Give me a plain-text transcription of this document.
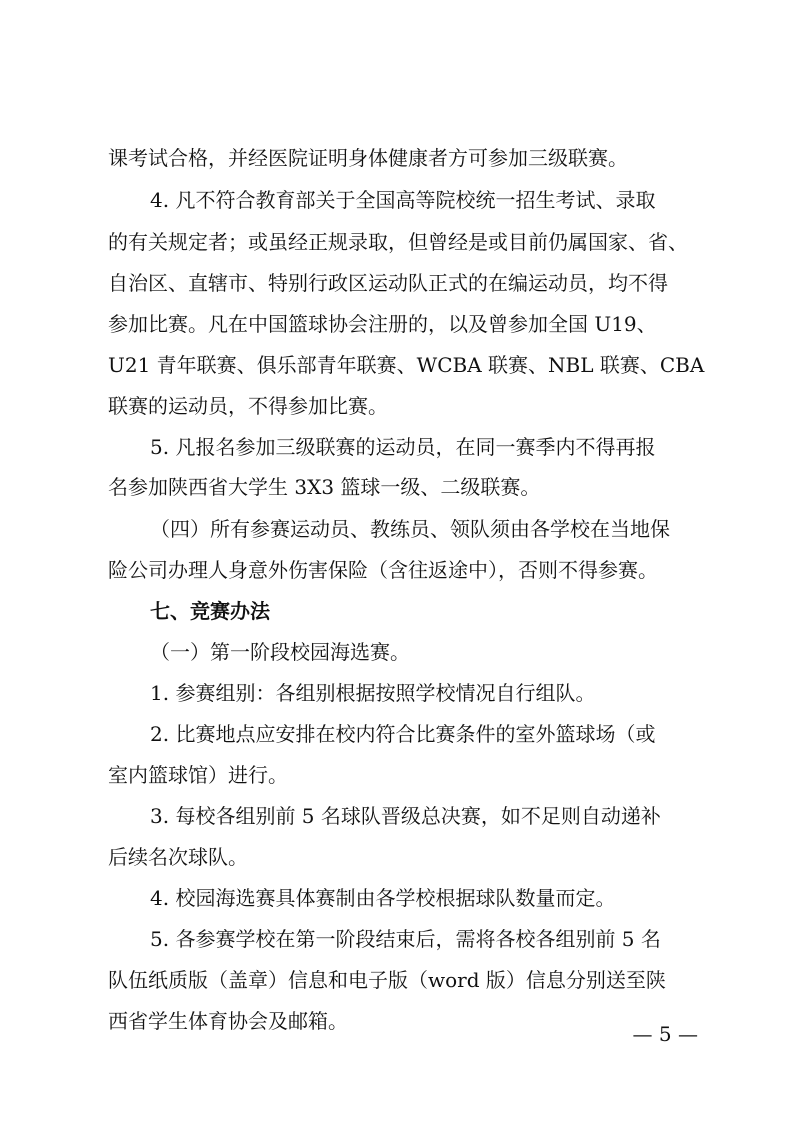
课考试合格，并经医院证明身体健康者方可参加三级联赛。
4. 凡不符合教育部关于全国高等院校统一招生考试、录取
的有关规定者；或虽经正规录取，但曾经是或目前仍属国家、省、
自治区、直辖市、特别行政区运动队正式的在编运动员，均不得
参加比赛。凡在中国篮球协会注册的，以及曾参加全国 U19、
U21 青年联赛、俱乐部青年联赛、WCBA 联赛、NBL 联赛、CBA
联赛的运动员，不得参加比赛。
5. 凡报名参加三级联赛的运动员，在同一赛季内不得再报
名参加陕西省大学生 3X3 篮球一级、二级联赛。
（四）所有参赛运动员、教练员、领队须由各学校在当地保
险公司办理人身意外伤害保险（含往返途中），否则不得参赛。
七、竞赛办法
（一）第一阶段校园海选赛。
1. 参赛组别：各组别根据按照学校情况自行组队。
2. 比赛地点应安排在校内符合比赛条件的室外篮球场（或
室内篮球馆）进行。
3. 每校各组别前 5 名球队晋级总决赛，如不足则自动递补
后续名次球队。
4. 校园海选赛具体赛制由各学校根据球队数量而定。
5. 各参赛学校在第一阶段结束后，需将各校各组别前 5 名
队伍纸质版（盖章）信息和电子版（word 版）信息分别送至陕
西省学生体育协会及邮箱。
— 5 —
